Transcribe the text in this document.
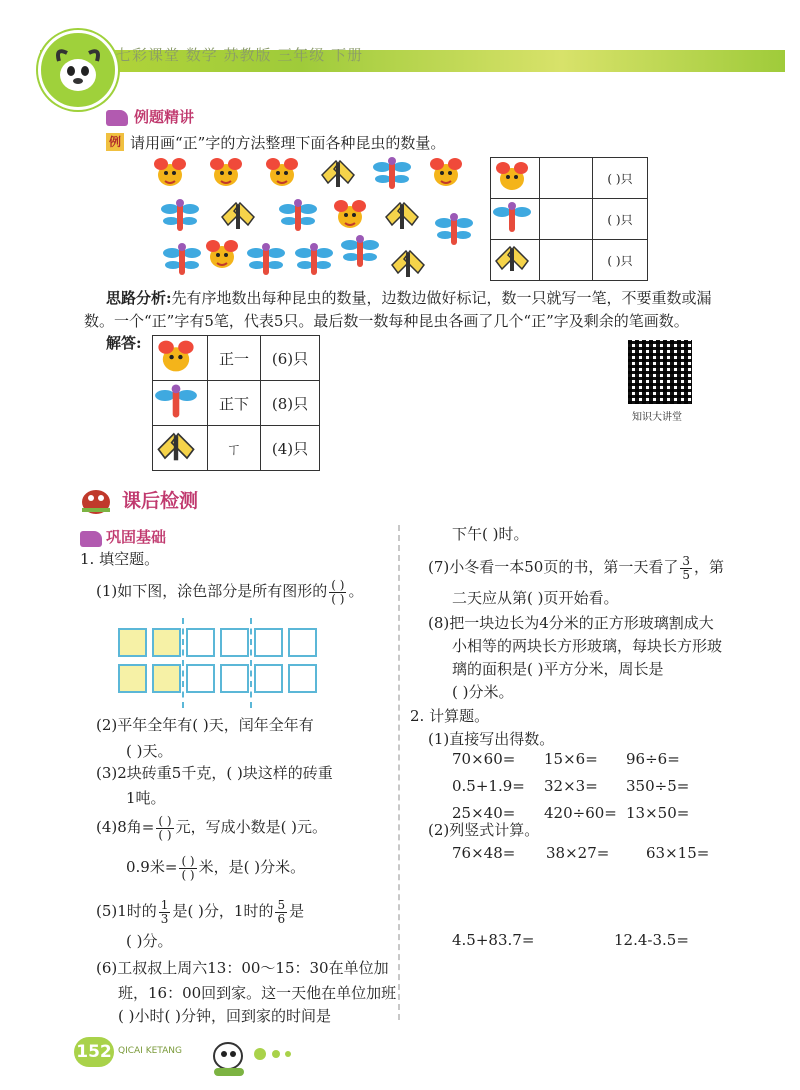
七彩课堂 数学 苏教版 三年级 下册
例题精讲
例 请用画“正”字的方法整理下面各种昆虫的数量。
		( )只
		( )只
		( )只
思路分析:先有序地数出每种昆虫的数量，边数边做好标记，数一只就写一笔，不要重数或漏
数。一个“正”字有5笔，代表5只。最后数一数每种昆虫各画了几个“正”字及剩余的笔画数。
解答:
	正一	(6)只
	正下	(8)只
	ㄒ	(4)只
知识大讲堂
课后检测
巩固基础
1. 填空题。
(1)如下图，涂色部分是所有图形的 $\frac{( )}{( )}$ 。
(2)平年全年有( )天，闰年全年有
( )天。
(3)2块砖重5千克，( )块这样的砖重
1吨。
(4)8角= $\frac{( )}{( )}$ 元，写成小数是( )元。
0.9米= $\frac{( )}{( )}$ 米，是( )分米。
(5)1时的 $\frac{1}{3}$ 是( )分，1时的 $\frac{5}{6}$ 是
( )分。
(6)工叔叔上周六13：00～15：30在单位加
班，16：00回到家。这一天他在单位加班
( )小时( )分钟，回到家的时间是
下午( )时。
(7)小冬看一本50页的书，第一天看了 $\frac{3}{5}$ ，第
二天应从第( )页开始看。
(8)把一块边长为4分米的正方形玻璃割成大
小相等的两块长方形玻璃，每块长方形玻
璃的面积是( )平方分米，周长是
( )分米。
2. 计算题。
(1)直接写出得数。
70×60= 15×6= 96÷6=
0.5+1.9= 32×3= 350÷5=
25×40= 420÷60= 13×50=
(2)列竖式计算。
76×48= 38×27= 63×15=
4.5+83.7=	12.4-3.5=
152 QICAI KETANG
